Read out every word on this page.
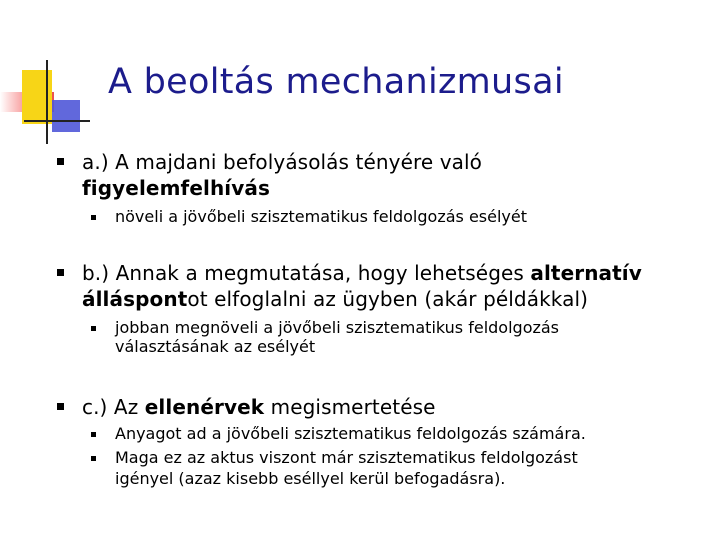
A beoltás mechanizmusai
a.) A majdani befolyásolás tényére való
figyelemfelhívás
növeli a jövőbeli szisztematikus feldolgozás esélyét
b.) Annak a megmutatása, hogy lehetséges alternatív
álláspontot elfoglalni az ügyben (akár példákkal)
jobban megnöveli a jövőbeli szisztematikus feldolgozás
választásának az esélyét
c.) Az ellenérvek megismertetése
Anyagot ad a jövőbeli szisztematikus feldolgozás számára.
Maga ez az aktus viszont már szisztematikus feldolgozást
igényel (azaz kisebb eséllyel kerül befogadásra).
